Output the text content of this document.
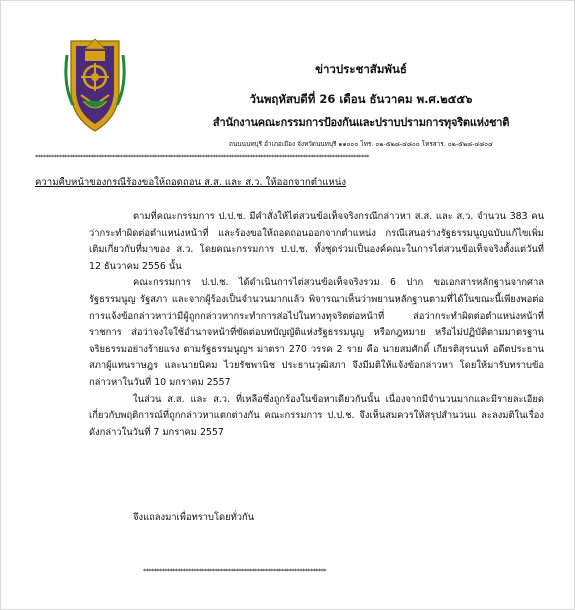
ข่าวประชาสัมพันธ์

วันพฤหัสบดีที่ 26 เดือน ธันวาคม พ.ศ.๒๕๕๖

สำนักงานคณะกรรมการป้องกันและปราบปรามการทุจริตแห่งชาติ

ถนนนนทบุรี อำเภอเมือง จังหวัดนนทบุรี ๑๑๐๐๐ โทร. ๐๒-๕๒๘-๔๘๐๐ โทรสาร. ๐๒-๕๒๘-๔๘๐๔

******************************************************************************************************************************
ความคืบหน้าของกรณีร้องขอให้ถอดถอน ส.ส. และ ส.ว. ให้ออกจากตำแหน่ง

ตามที่คณะกรรมการ ป.ป.ช. มีคำสั่งให้ไต่สวนข้อเท็จจริงกรณีกล่าวหา ส.ส. และ ส.ว. จำนวน 383 คน ว่ากระทำผิดต่อตำแหน่งหน้าที่ และร้องขอให้ถอดถอนออกจากตำแหน่ง กรณีเสนอร่างรัฐธรรมนูญฉบับแก้ไขเพิ่มเติมเกี่ยวกับที่มาของ ส.ว. โดยคณะกรรมการ ป.ป.ช. ทั้งชุดร่วมเป็นองค์คณะในการไต่สวนข้อเท็จจริงตั้งแต่วันที่ 12 ธันวาคม 2556 นั้น

คณะกรรมการ ป.ป.ช. ได้ดำเนินการไต่สวนข้อเท็จจริงรวม 6 ปาก ขอเอกสารหลักฐานจากศาลรัฐธรรมนูญ รัฐสภา และจากผู้ร้องเป็นจำนวนมากแล้ว พิจารณาเห็นว่าพยานหลักฐานตามที่ได้ในขณะนี้เพียงพอต่อการแจ้งข้อกล่าวหาว่ามีผู้ถูกกล่าวหากระทำการส่อไปในทางทุจริตต่อหน้าที่ ส่อว่ากระทำผิดต่อตำแหน่งหน้าที่ราชการ ส่อว่าจงใจใช้อำนาจหน้าที่ขัดต่อบทบัญญัติแห่งรัฐธรรมนูญ หรือกฎหมาย หรือไม่ปฏิบัติตามมาตรฐานจริยธรรมอย่างร้ายแรง ตามรัฐธรรมนูญฯ มาตรา 270 วรรค 2 ราย คือ นายสมศักดิ์ เกียรติสุรนนท์ อดีตประธานสภาผู้แทนราษฎร และนายนิคม ไวยรัชพานิช ประธานวุฒิสภา จึงมีมติให้แจ้งข้อกล่าวหา โดยให้มารับทราบข้อกล่าวหาในวันที่ 10 มกราคม 2557

ในส่วน ส.ส. และ ส.ว. ที่เหลือซึ่งถูกร้องในข้อหาเดียวกันนั้น เนื่องจากมีจำนวนมากและมีรายละเอียดเกี่ยวกับพฤติการณ์ที่ถูกกล่าวหาแตกต่างกัน คณะกรรมการ ป.ป.ช. จึงเห็นสมควรให้สรุปสำนวนแ ละลงมติในเรื่องดังกล่าวในวันที่ 7 มกราคม 2557

จึงแถลงมาเพื่อทราบโดยทั่วกัน
*********************************************************************
